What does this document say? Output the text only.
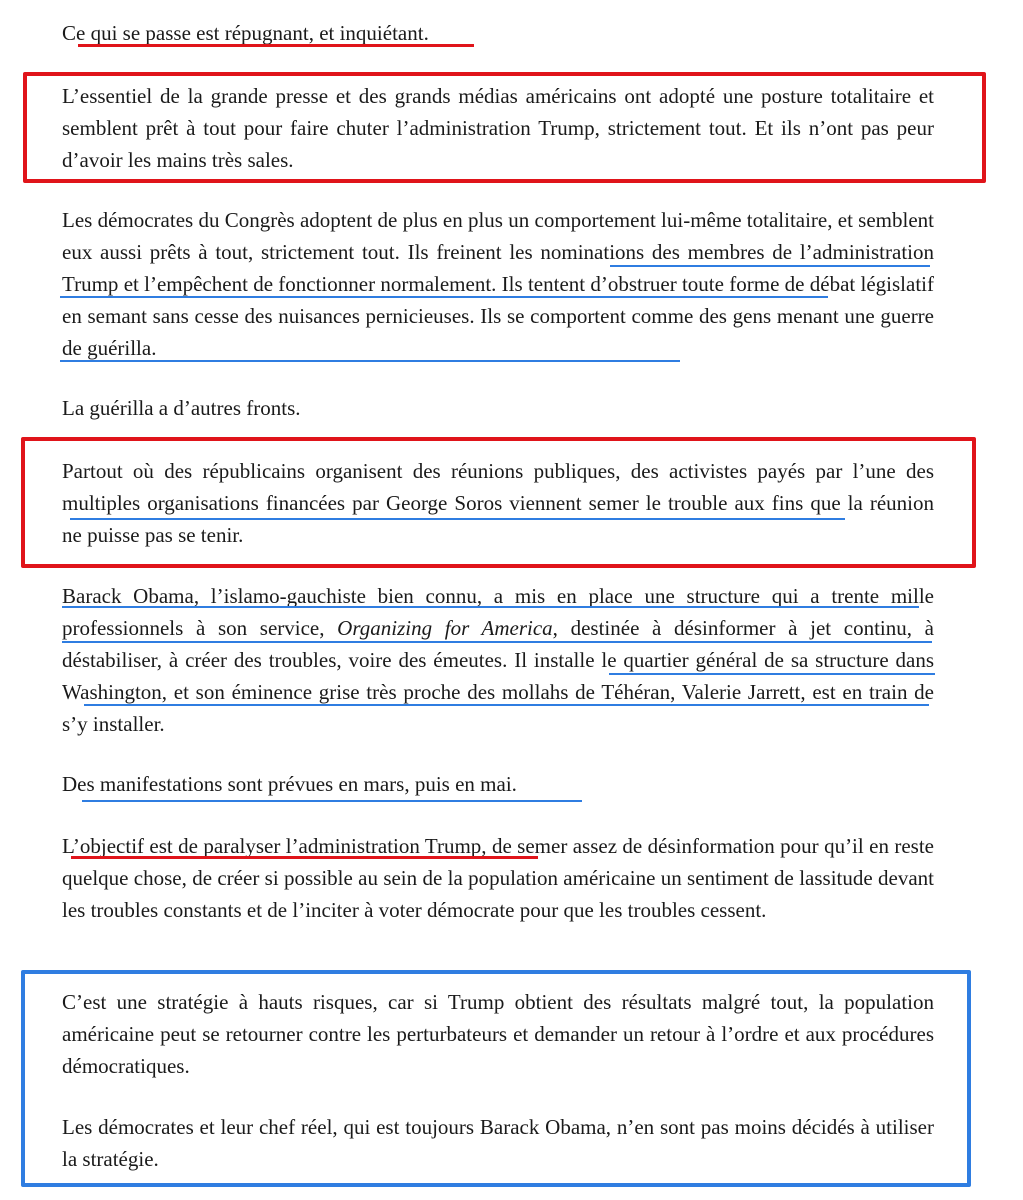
Ce qui se passe est répugnant, et inquiétant.

L’essentiel de la grande presse et des grands médias américains ont adopté une posture totalitaire et semblent prêt à tout pour faire chuter l’administration Trump, strictement tout. Et ils n’ont pas peur d’avoir les mains très sales.

Les démocrates du Congrès adoptent de plus en plus un comportement lui-même totalitaire, et semblent eux aussi prêts à tout, strictement tout. Ils freinent les nominations des membres de l’administration Trump et l’empêchent de fonctionner normalement. Ils tentent d’obstruer toute forme de débat législatif en semant sans cesse des nuisances pernicieuses. Ils se comportent comme des gens menant une guerre de guérilla.

La guérilla a d’autres fronts.

Partout où des républicains organisent des réunions publiques, des activistes payés par l’une des multiples organisations financées par George Soros viennent semer le trouble aux fins que la réunion ne puisse pas se tenir.

Barack Obama, l’islamo-gauchiste bien connu, a mis en place une structure qui a trente mille professionnels à son service, Organizing for America, destinée à désinformer à jet continu, à déstabiliser, à créer des troubles, voire des émeutes. Il installe le quartier général de sa structure dans Washington, et son éminence grise très proche des mollahs de Téhéran, Valerie Jarrett, est en train de s’y installer.

Des manifestations sont prévues en mars, puis en mai.

L’objectif est de paralyser l’administration Trump, de semer assez de désinformation pour qu’il en reste quelque chose, de créer si possible au sein de la population américaine un sentiment de lassitude devant les troubles constants et de l’inciter à voter démocrate pour que les troubles cessent.

C’est une stratégie à hauts risques, car si Trump obtient des résultats malgré tout, la population américaine peut se retourner contre les perturbateurs et demander un retour à l’ordre et aux procédures démocratiques.

Les démocrates et leur chef réel, qui est toujours Barack Obama, n’en sont pas moins décidés à utiliser la stratégie.
